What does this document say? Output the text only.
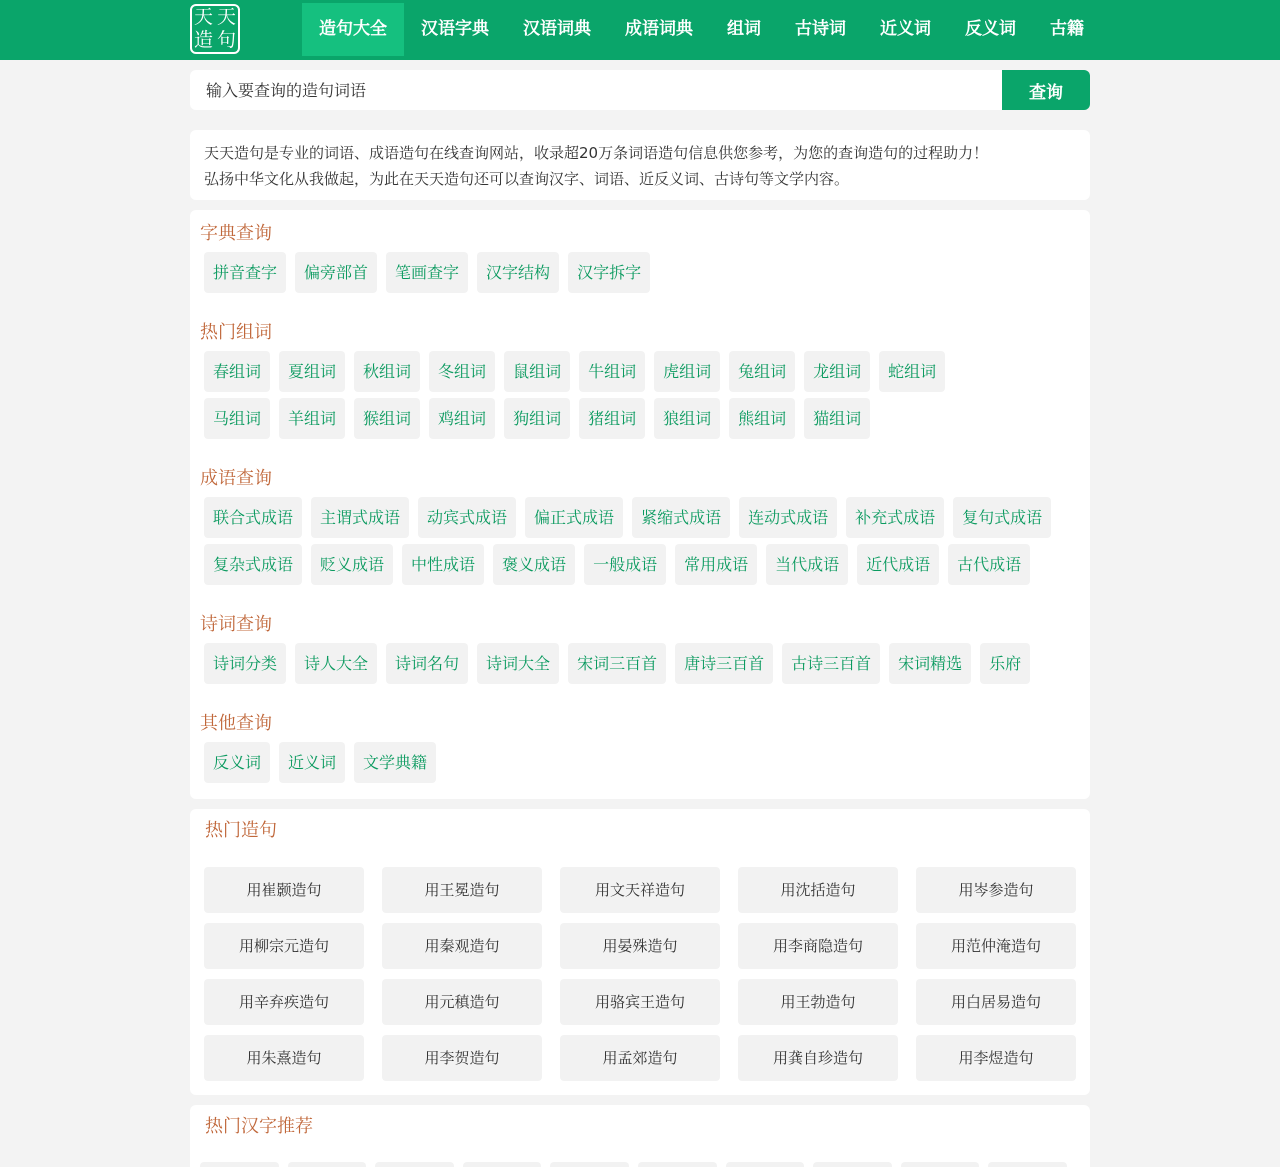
天 天
造 句	造句大全	汉语字典	汉语词典	成语词典	组词	古诗词	近义词	反义词	古籍
输入要查询的造句词语
查询
天天造句是专业的词语、成语造句在线查询网站，收录超20万条词语造句信息供您参考，为您的查询造句的过程助力！
弘扬中华文化从我做起，为此在天天造句还可以查询汉字、词语、近反义词、古诗句等文学内容。
字典查询
拼音查字	偏旁部首	笔画查字	汉字结构	汉字拆字
热门组词
春组词	夏组词	秋组词	冬组词	鼠组词	牛组词	虎组词	兔组词	龙组词	蛇组词
马组词	羊组词	猴组词	鸡组词	狗组词	猪组词	狼组词	熊组词	猫组词
成语查询
联合式成语	主谓式成语	动宾式成语	偏正式成语	紧缩式成语	连动式成语	补充式成语	复句式成语
复杂式成语	贬义成语	中性成语	褒义成语	一般成语	常用成语	当代成语	近代成语	古代成语
诗词查询
诗词分类	诗人大全	诗词名句	诗词大全	宋词三百首	唐诗三百首	古诗三百首	宋词精选	乐府
其他查询
反义词	近义词	文学典籍
热门造句
用崔颢造句	用王冕造句	用文天祥造句	用沈括造句	用岑参造句
用柳宗元造句	用秦观造句	用晏殊造句	用李商隐造句	用范仲淹造句
用辛弃疾造句	用元稹造句	用骆宾王造句	用王勃造句	用白居易造句
用朱熹造句	用李贺造句	用孟郊造句	用龚自珍造句	用李煜造句
热门汉字推荐
